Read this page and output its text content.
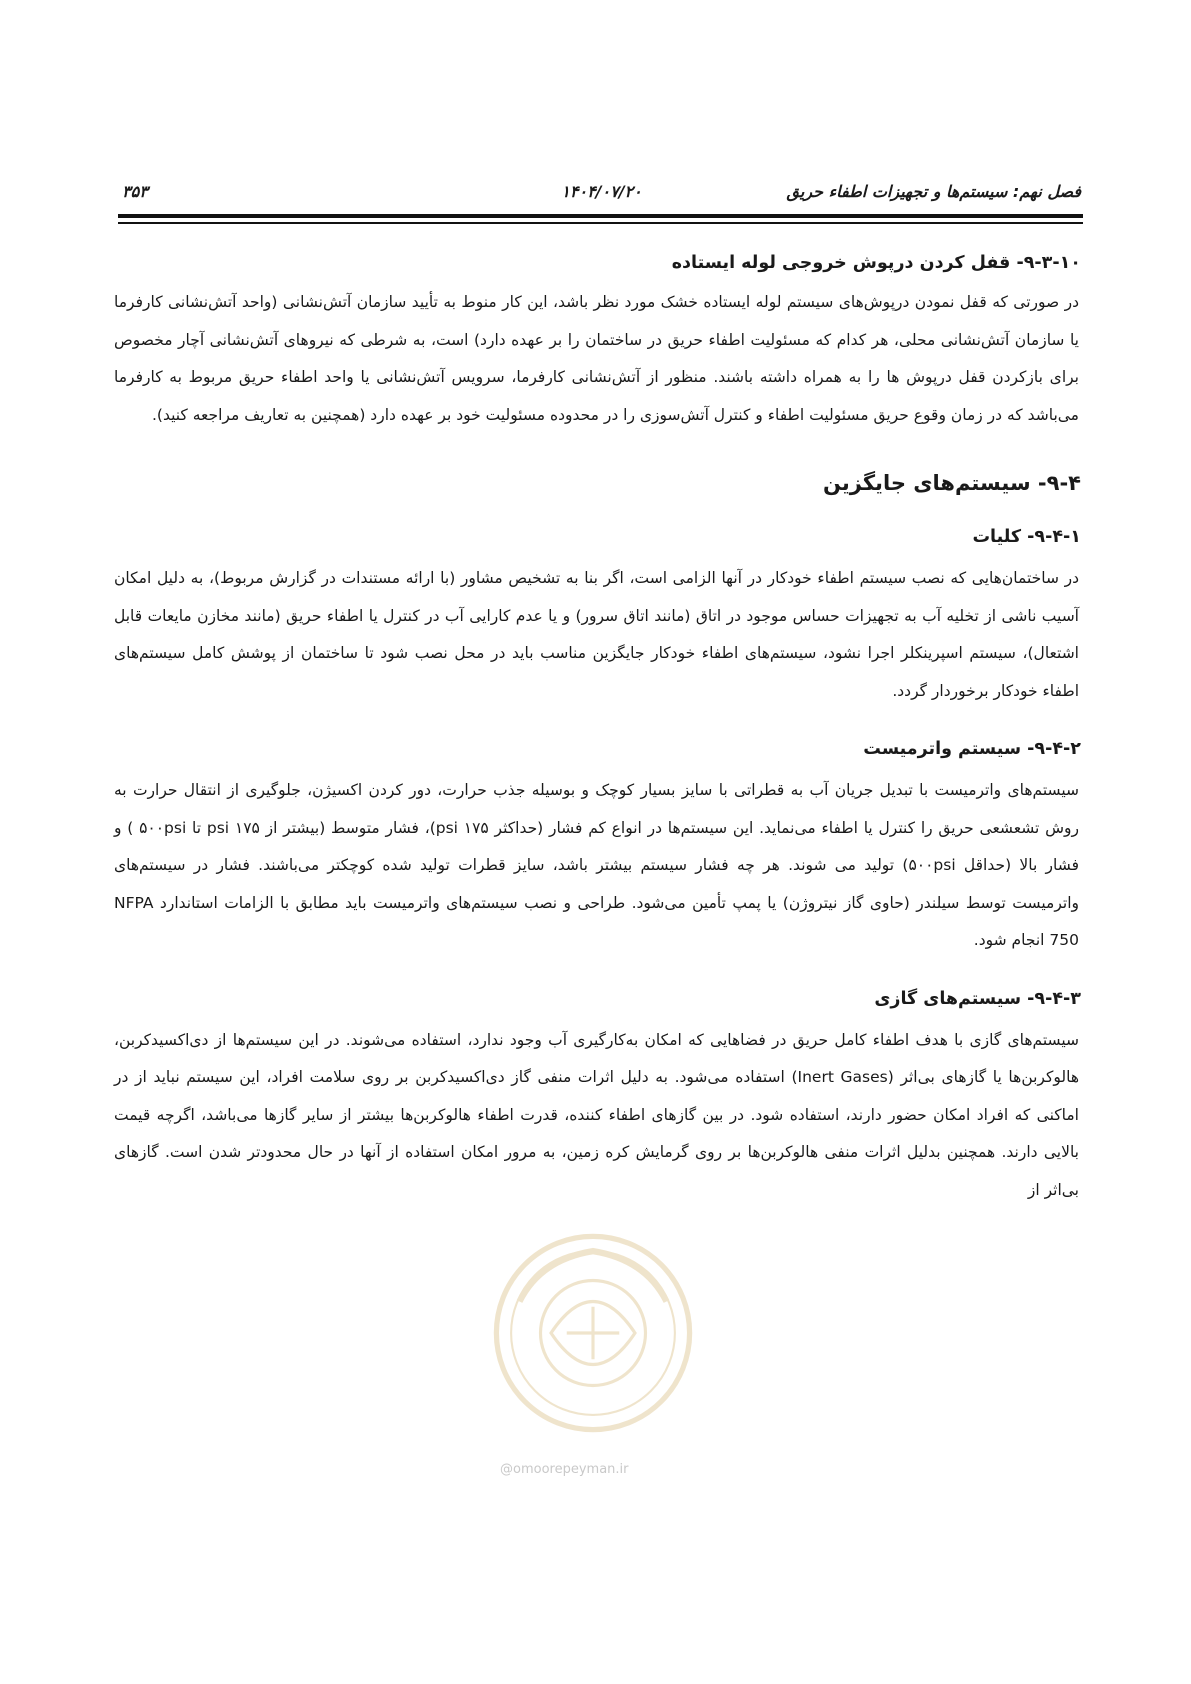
فصل نهم: سیستم‌ها و تجهیزات اطفاء حریق
۱۴۰۴/۰۷/۲۰
۳۵۳
۹-۳-۱۰- قفل کردن درپوش خروجی لوله ایستاده

در صورتی که قفل نمودن درپوش‌های سیستم لوله ایستاده خشک مورد نظر باشد، این کار منوط به تأیید سازمان آتش‌نشانی (واحد آتش‌نشانی کارفرما یا سازمان آتش‌نشانی محلی، هر کدام که مسئولیت اطفاء حریق در ساختمان را بر عهده دارد) است، به شرطی که نیروهای آتش‌نشانی آچار مخصوص برای بازکردن قفل درپوش ها را به همراه داشته باشند. منظور از آتش‌نشانی کارفرما، سرویس آتش‌نشانی یا واحد اطفاء حریق مربوط به کارفرما می‌باشد که در زمان وقوع حریق مسئولیت اطفاء و کنترل آتش‌سوزی را در محدوده مسئولیت خود بر عهده دارد (همچنین به تعاریف مراجعه کنید).

۹-۴- سیستم‌های جایگزین
۹-۴-۱- کلیات

در ساختمان‌هایی که نصب سیستم اطفاء خودکار در آنها الزامی است، اگر بنا به تشخیص مشاور (با ارائه مستندات در گزارش مربوط)، به دلیل امکان آسیب ناشی از تخلیه آب به تجهیزات حساس موجود در اتاق (مانند اتاق سرور) و یا عدم کارایی آب در کنترل یا اطفاء حریق (مانند مخازن مایعات قابل اشتعال)، سیستم اسپرینکلر اجرا نشود، سیستم‌های اطفاء خودکار جایگزین مناسب باید در محل نصب شود تا ساختمان از پوشش کامل سیستم‌های اطفاء خودکار برخوردار گردد.

۹-۴-۲- سیستم واترمیست

سیستم‌های واترمیست با تبدیل جریان آب به قطراتی با سایز بسیار کوچک و بوسیله جذب حرارت، دور کردن اکسیژن، جلوگیری از انتقال حرارت به روش تشعشعی حریق را کنترل یا اطفاء می‌نماید. این سیستم‌ها در انواع کم فشار (حداکثر ۱۷۵ psi)، فشار متوسط (بیشتر از ۱۷۵ psi تا ۵۰۰psi ) و فشار بالا (حداقل ۵۰۰psi) تولید می شوند. هر چه فشار سیستم بیشتر باشد، سایز قطرات تولید شده کوچکتر می‌باشند. فشار در سیستم‌های واترمیست توسط سیلندر (حاوی گاز نیتروژن) یا پمپ تأمین می‌شود. طراحی و نصب سیستم‌های واترمیست باید مطابق با الزامات استاندارد NFPA 750 انجام شود.

۹-۴-۳- سیستم‌های گازی

سیستم‌های گازی با هدف اطفاء کامل حریق در فضاهایی که امکان به‌کارگیری آب وجود ندارد، استفاده می‌شوند. در این سیستم‌ها از دی‌اکسیدکربن، هالوکربن‌ها یا گازهای بی‌اثر (Inert Gases) استفاده می‌شود. به دلیل اثرات منفی گاز دی‌اکسیدکربن بر روی سلامت افراد، این سیستم نباید از در اماکنی که افراد امکان حضور دارند، استفاده شود. در بین گازهای اطفاء کننده، قدرت اطفاء هالوکربن‌ها بیشتر از سایر گازها می‌باشد، اگرچه قیمت بالایی دارند. همچنین بدلیل اثرات منفی هالوکربن‌ها بر روی گرمایش کره زمین، به مرور امکان استفاده از آنها در حال محدودتر شدن است. گازهای بی‌اثر از

@omoorepeyman.ir
